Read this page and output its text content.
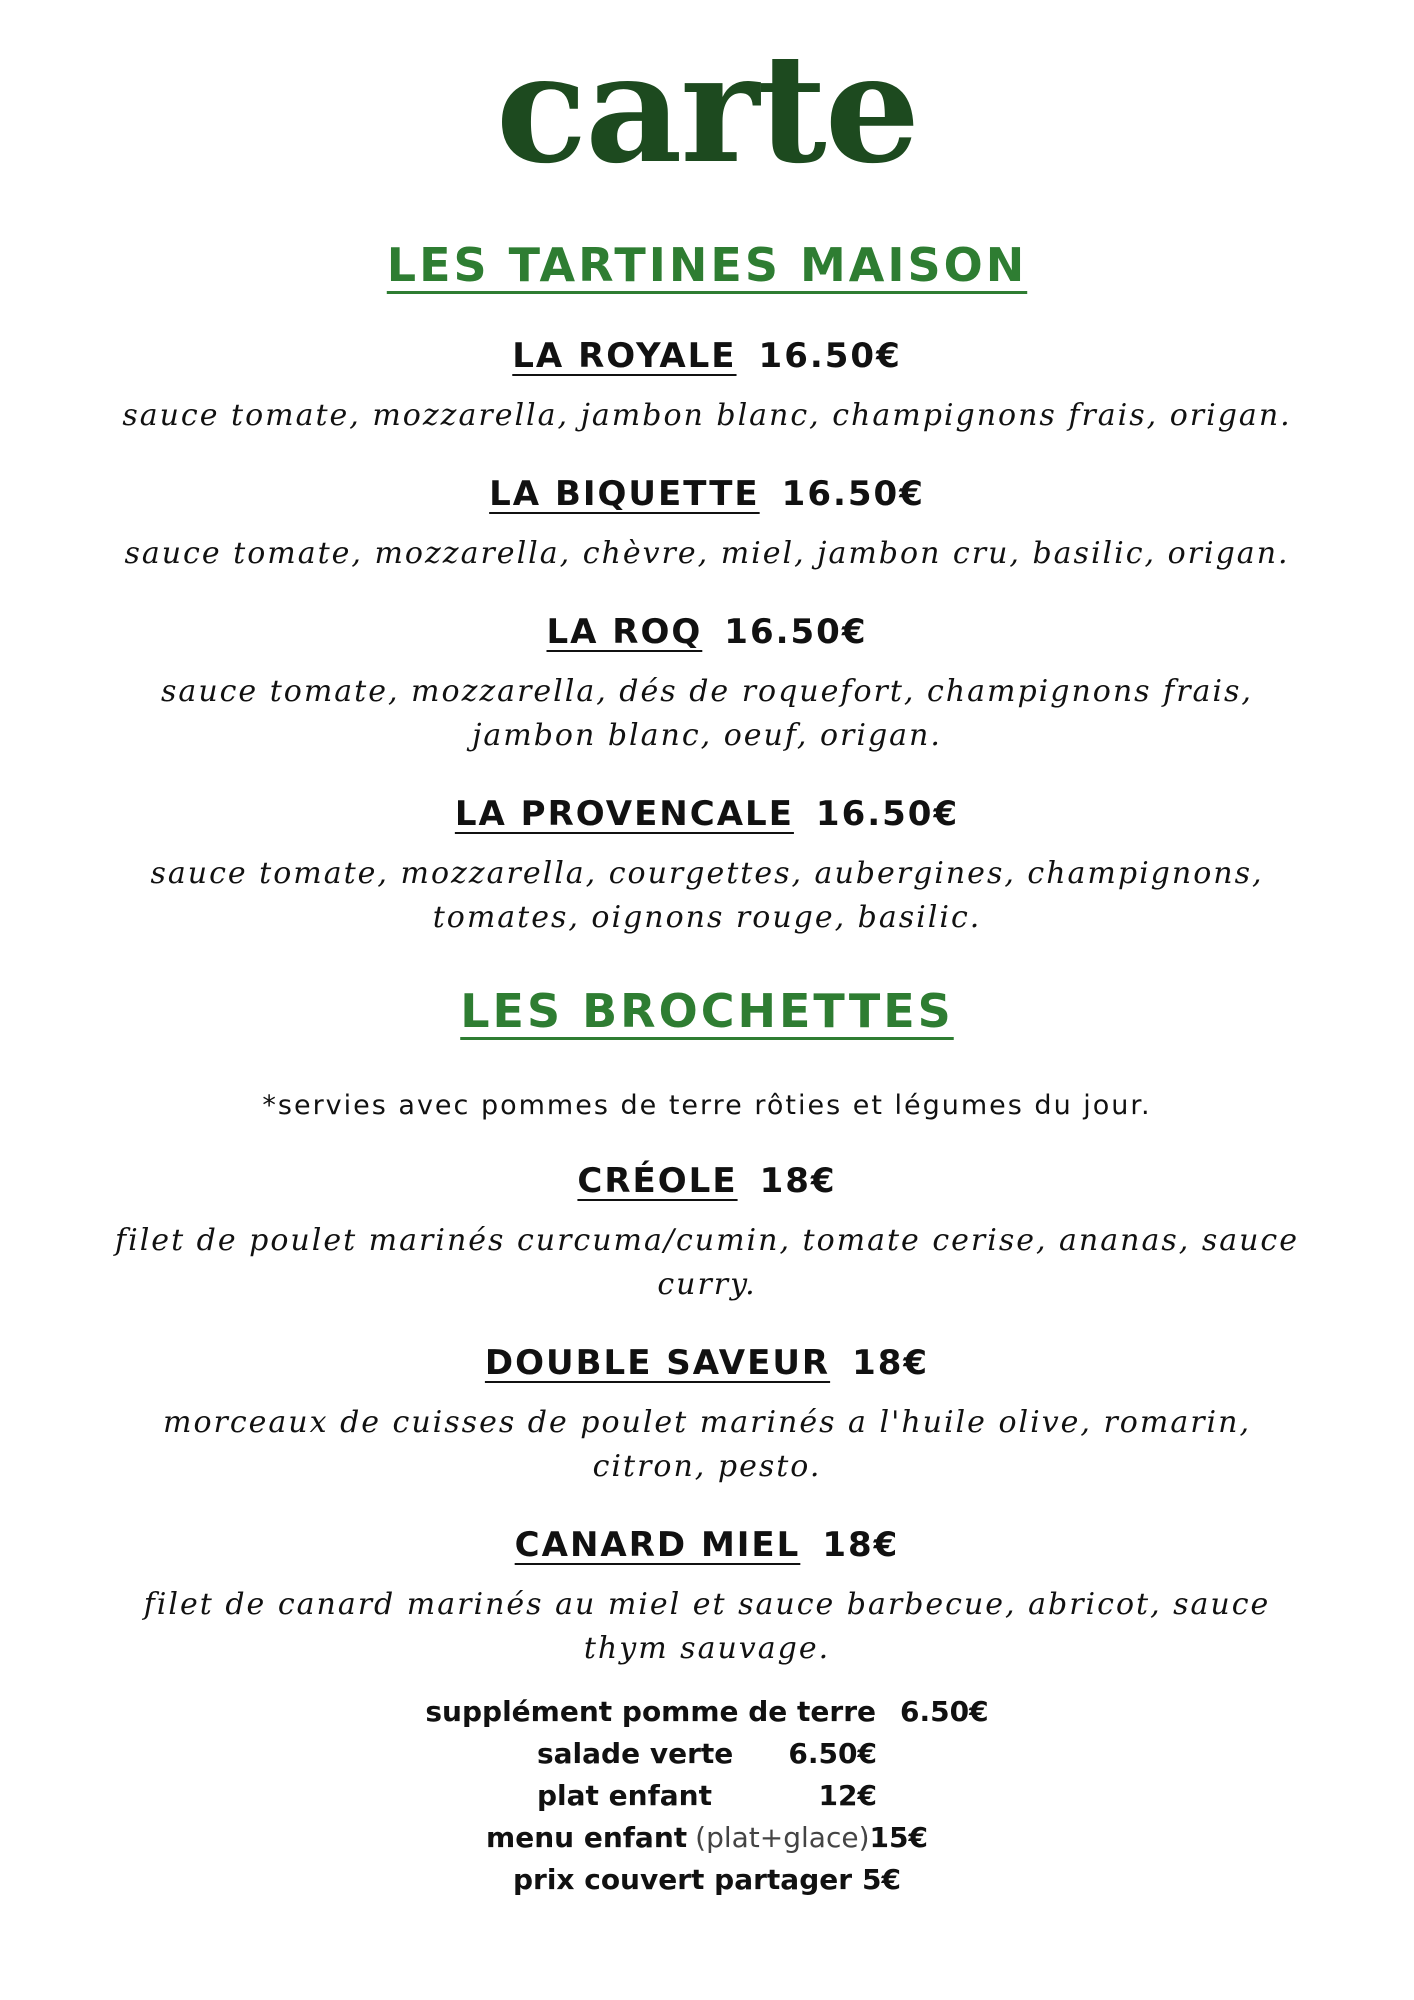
carte
LES TARTINES MAISON

LA ROYALE 16.50€

sauce tomate, mozzarella, jambon blanc, champignons frais, origan.

LA BIQUETTE 16.50€

sauce tomate, mozzarella, chèvre, miel, jambon cru, basilic, origan.

LA ROQ 16.50€

sauce tomate, mozzarella, dés de roquefort, champignons frais,

jambon blanc, oeuf, origan.

LA PROVENCALE 16.50€

sauce tomate, mozzarella, courgettes, aubergines, champignons,

tomates, oignons rouge, basilic.

LES BROCHETTES

*servies avec pommes de terre rôties et légumes du jour.

CRÉOLE 18€

filet de poulet marinés curcuma/cumin, tomate cerise, ananas, sauce

curry.

DOUBLE SAVEUR 18€

morceaux de cuisses de poulet marinés a l'huile olive, romarin,

citron, pesto.

CANARD MIEL 18€

filet de canard marinés au miel et sauce barbecue, abricot, sauce

thym sauvage.

supplément pomme de terre 6.50€
salade verte	6.50€
plat enfant	12€
menu enfant (plat+glace) 15€
prix couvert partager 5€
